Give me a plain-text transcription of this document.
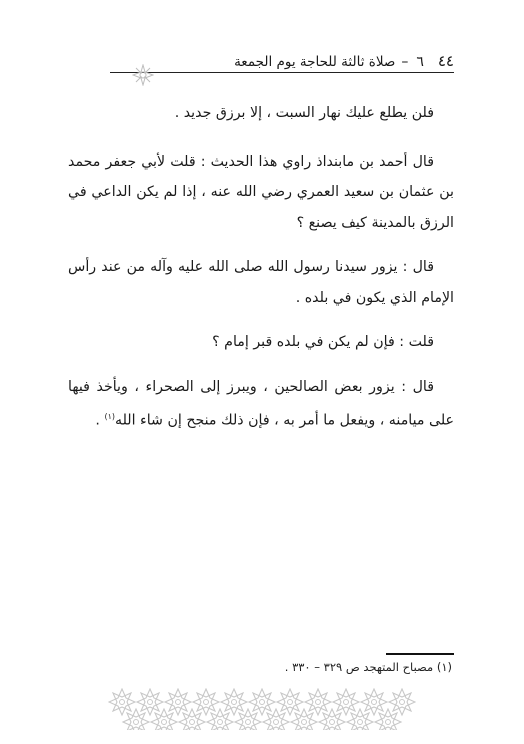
٤٤
٦
–
صلاة ثالثة للحاجة يوم الجمعة

فلن يطلع عليك نهار السبت ، إلا برزق جديد .

قال أحمد بن مابنداذ راوي هذا الحديث : قلت لأبي جعفر محمد بن عثمان بن سعيد العمري رضي الله عنه ، إذا لم يكن الداعي في الرزق بالمدينة كيف يصنع ؟

قال : يزور سيدنا رسول الله صلى الله عليه وآله من عند رأس الإمام الذي يكون في بلده .

قلت : فإن لم يكن في بلده قبر إمام ؟

قال : يزور بعض الصالحين ، ويبرز إلى الصحراء ، ويأخذ فيها على ميامنه ، ويفعل ما أمر به ، فإن ذلك منجح إن شاء الله$^{(١)}$ .

(١) مصباح المتهجد ص ٣٢٩ – ٣٣٠ .
